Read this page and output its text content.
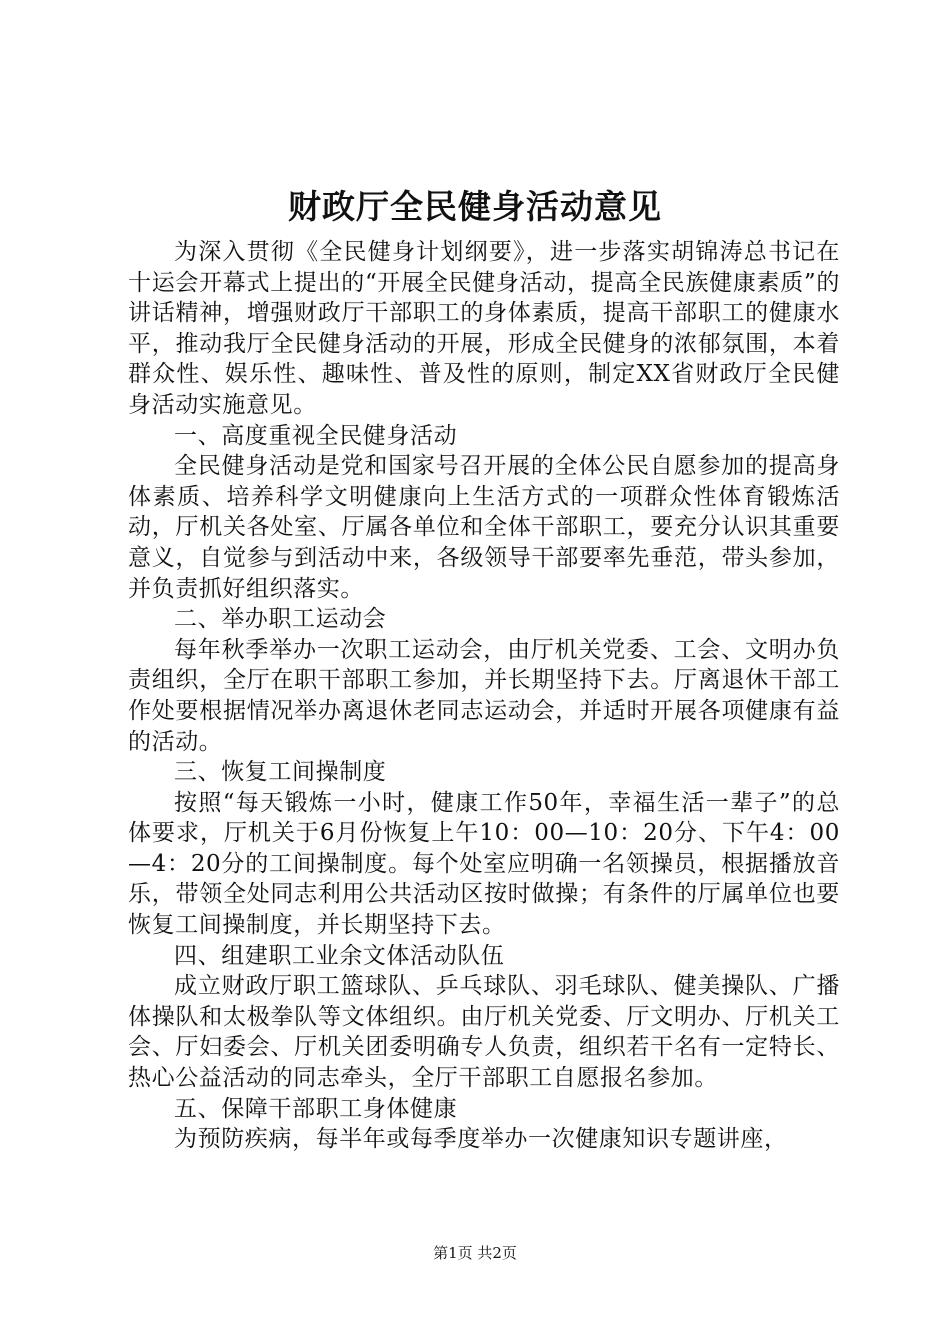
财政厅全民健身活动意见

为深入贯彻《全民健身计划纲要》，进一步落实胡锦涛总书记在十运会开幕式上提出的“开展全民健身活动，提高全民族健康素质”的讲话精神，增强财政厅干部职工的身体素质，提高干部职工的健康水平，推动我厅全民健身活动的开展，形成全民健身的浓郁氛围，本着群众性、娱乐性、趣味性、普及性的原则，制定XX省财政厅全民健身活动实施意见。

一、高度重视全民健身活动

全民健身活动是党和国家号召开展的全体公民自愿参加的提高身体素质、培养科学文明健康向上生活方式的一项群众性体育锻炼活动，厅机关各处室、厅属各单位和全体干部职工，要充分认识其重要意义，自觉参与到活动中来，各级领导干部要率先垂范，带头参加，并负责抓好组织落实。

二、举办职工运动会

每年秋季举办一次职工运动会，由厅机关党委、工会、文明办负责组织，全厅在职干部职工参加，并长期坚持下去。厅离退休干部工作处要根据情况举办离退休老同志运动会，并适时开展各项健康有益的活动。

三、恢复工间操制度

按照“每天锻炼一小时，健康工作50年，幸福生活一辈子”的总体要求，厅机关于6月份恢复上午10：00—10：20分、下午4：00—4：20分的工间操制度。每个处室应明确一名领操员，根据播放音乐，带领全处同志利用公共活动区按时做操；有条件的厅属单位也要恢复工间操制度，并长期坚持下去。

四、组建职工业余文体活动队伍

成立财政厅职工篮球队、乒乓球队、羽毛球队、健美操队、广播体操队和太极拳队等文体组织。由厅机关党委、厅文明办、厅机关工会、厅妇委会、厅机关团委明确专人负责，组织若干名有一定特长、热心公益活动的同志牵头，全厅干部职工自愿报名参加。

五、保障干部职工身体健康

为预防疾病，每半年或每季度举办一次健康知识专题讲座，

第1页 共2页
